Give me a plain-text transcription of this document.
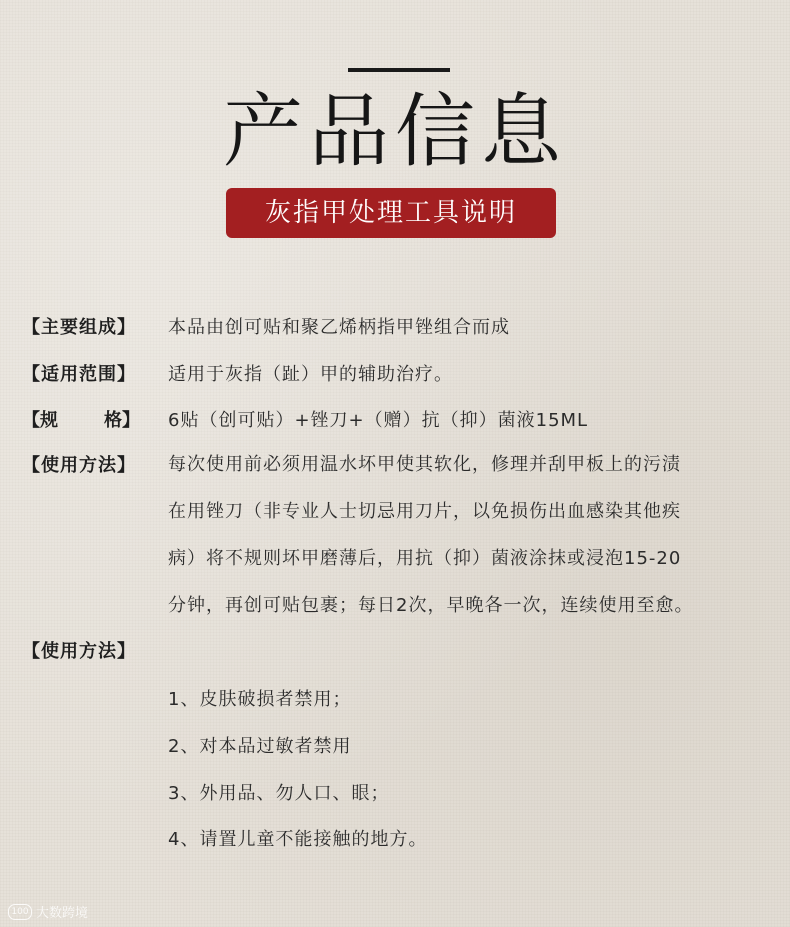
产品信息
灰指甲处理工具说明
【主要组成】 本品由创可贴和聚乙烯柄指甲锉组合而成
【适用范围】 适用于灰指（趾）甲的辅助治疗。
【规	格】 6贴（创可贴）+锉刀+（赠）抗（抑）菌液15ML
【使用方法】 每次使用前必须用温水坏甲使其软化，修理并刮甲板上的污渍
在用锉刀（非专业人士切忌用刀片，以免损伤出血感染其他疾
病）将不规则坏甲磨薄后，用抗（抑）菌液涂抹或浸泡15-20
分钟，再创可贴包裹；每日2次，早晚各一次，连续使用至愈。
【使用方法】
1、皮肤破损者禁用；
2、对本品过敏者禁用
3、外用品、勿人口、眼；
4、请置儿童不能接触的地方。
100 大数跨境
